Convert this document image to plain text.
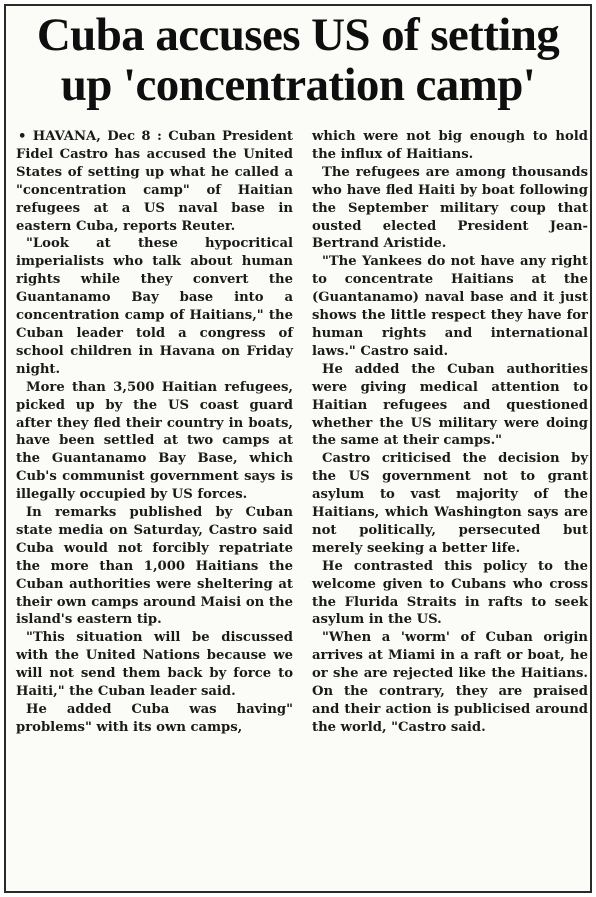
Cuba accuses US of setting
up 'concentration camp'

• HAVANA, Dec 8 : Cuban President Fidel Castro has accused the United States of setting up what he called a "concentration camp" of Haitian refugees at a US naval base in eastern Cuba, reports Reuter.

"Look at these hypocritical imperialists who talk about human rights while they convert the Guantanamo Bay base into a concentration camp of Haitians," the Cuban leader told a congress of school children in Havana on Friday night.

More than 3,500 Haitian refugees, picked up by the US coast guard after they fled their country in boats, have been settled at two camps at the Guantanamo Bay Base, which Cub's communist government says is illegally occupied by US forces.

In remarks published by Cuban state media on Saturday, Castro said Cuba would not forcibly repatriate the more than 1,000 Haitians the Cuban authorities were sheltering at their own camps around Maisi on the island's eastern tip.

"This situation will be discussed with the United Nations because we will not send them back by force to Haiti," the Cuban leader said.

He added Cuba was having" problems" with its own camps,

which were not big enough to hold the influx of Haitians.

The refugees are among thousands who have fled Haiti by boat following the September military coup that ousted elected President Jean-Bertrand Aristide.

"The Yankees do not have any right to concentrate Haitians at the (Guantanamo) naval base and it just shows the little respect they have for human rights and international laws." Castro said.

He added the Cuban authorities were giving medical attention to Haitian refugees and questioned whether the US military were doing the same at their camps."

Castro criticised the decision by the US government not to grant asylum to vast majority of the Haitians, which Washington says are not politically, persecuted but merely seeking a better life.

He contrasted this policy to the welcome given to Cubans who cross the Flurida Straits in rafts to seek asylum in the US.

"When a 'worm' of Cuban origin arrives at Miami in a raft or boat, he or she are rejected like the Haitians. On the contrary, they are praised and their action is publicised around the world, "Castro said.
